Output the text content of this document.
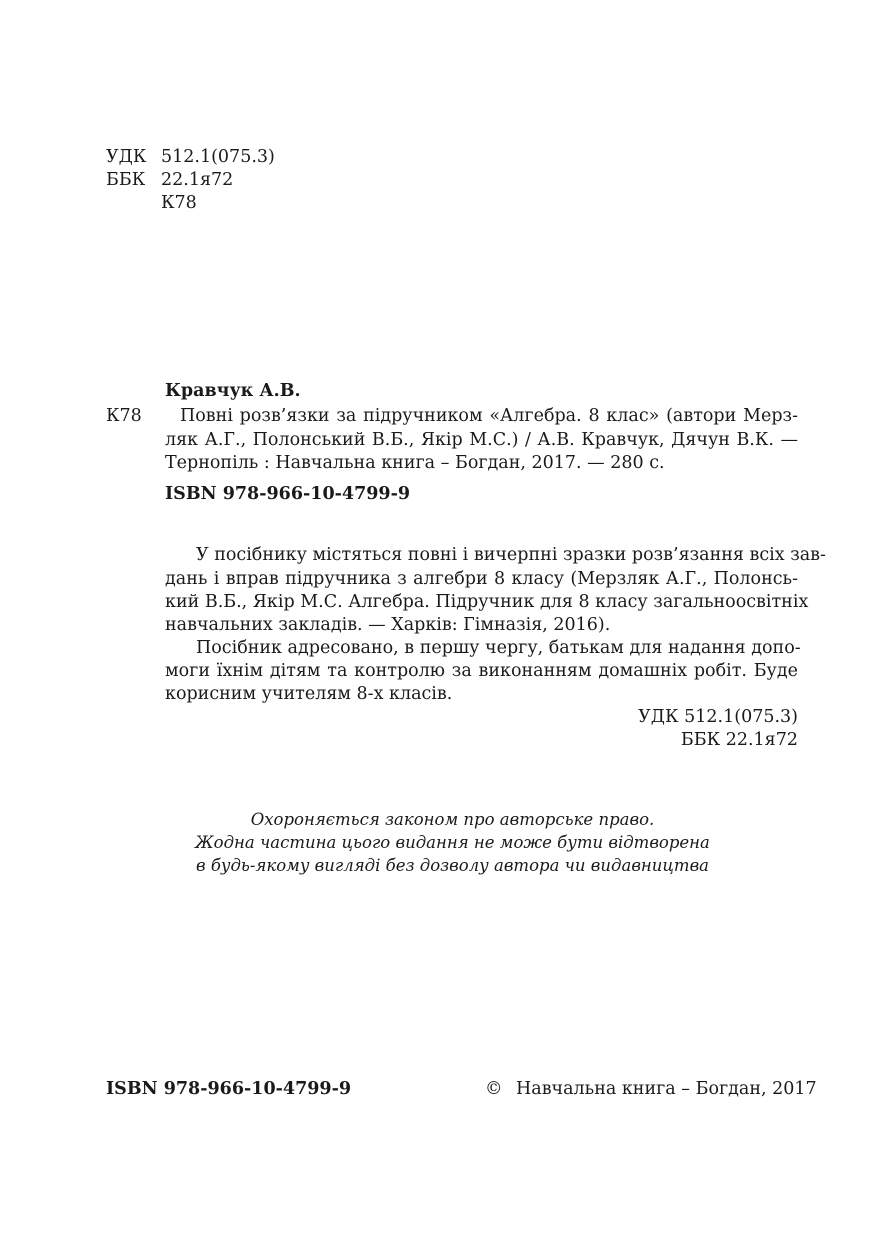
УДК 512.1(075.3)
ББК 22.1я72
К78
Кравчук А.В.
К78 Повні розв’язки за підручником «Алгебра. 8 клас» (автори Мерз-
ляк А.Г., Полонський В.Б., Якір М.С.) / А.В. Кравчук, Дячун В.К. —
Тернопіль : Навчальна книга – Богдан, 2017. — 280 с.
ISBN 978-966-10-4799-9
У посібнику містяться повні і вичерпні зразки розв’язання всіх зав-
дань і вправ підручника з алгебри 8 класу (Мерзляк А.Г., Полонсь-
кий В.Б., Якір М.С. Алгебра. Підручник для 8 класу загальноосвітніх
навчальних закладів. — Харків: Гімназія, 2016).
Посібник адресовано, в першу чергу, батькам для надання допо-
моги їхнім дітям та контролю за виконанням домашніх робіт. Буде
корисним учителям 8-х класів.
УДК 512.1(075.3)
ББК 22.1я72
Охороняється законом про авторське право.
Жодна частина цього видання не може бути відтворена
в будь-якому вигляді без дозволу автора чи видавництва
ISBN 978-966-10-4799-9	© Навчальна книга – Богдан, 2017
